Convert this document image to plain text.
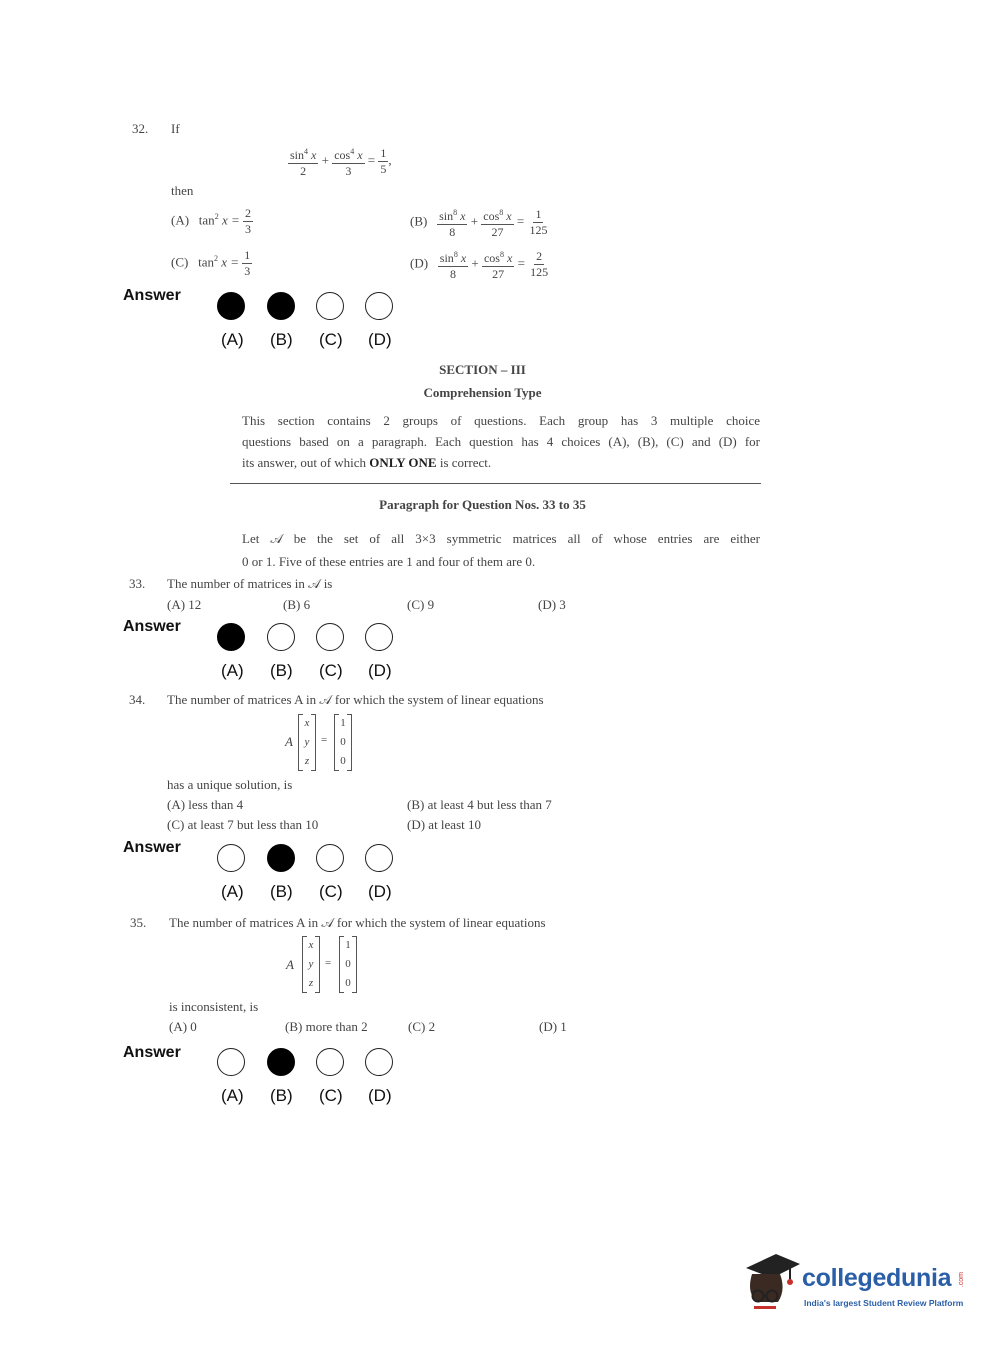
32. If
$\frac{\sin^4 x}{2} + \frac{\cos^4 x}{3} = \frac{1}{5}$ ,
then
(A) $\tan^2 x = \frac{2}{3}$	$(B) \frac{\sin^8 x}{8} + \frac{\cos^8 x}{27} = \frac{1}{125}$
(C) $\tan^2 x = \frac{1}{3}$	$(D) \frac{\sin^8 x}{8} + \frac{\cos^8 x}{27} = \frac{2}{125}$
Answer
SECTION – III
Comprehension Type
This section contains 2 groups of questions. Each group has 3 multiple choice
questions based on a paragraph. Each question has 4 choices (A), (B), (C) and (D) for
its answer, out of which ONLY ONE is correct.
Paragraph for Question Nos. 33 to 35
Let 𝒜 be the set of all 3×3 symmetric matrices all of whose entries are either
0 or 1. Five of these entries are 1 and four of them are 0.
33. The number of matrices in 𝒜 is
(A) 12	(B) 6	(C) 9	(D) 3
Answer
34. The number of matrices A in 𝒜 for which the system of linear equations
A
x
y
z
=
1
0
0
has a unique solution, is
(A) less than 4	(B) at least 4 but less than 7
(C) at least 7 but less than 10	(D) at least 10
Answer
35. The number of matrices A in 𝒜 for which the system of linear equations
A
x
y
z
=
1
0
0
is inconsistent, is
(A) 0	(B) more than 2	(C) 2	(D) 1
Answer
collegedunia .com
India's largest Student Review Platform
(A) (B) (C) (D)
(A) (B) (C) (D)
(A) (B) (C) (D)
(A) (B) (C) (D)
